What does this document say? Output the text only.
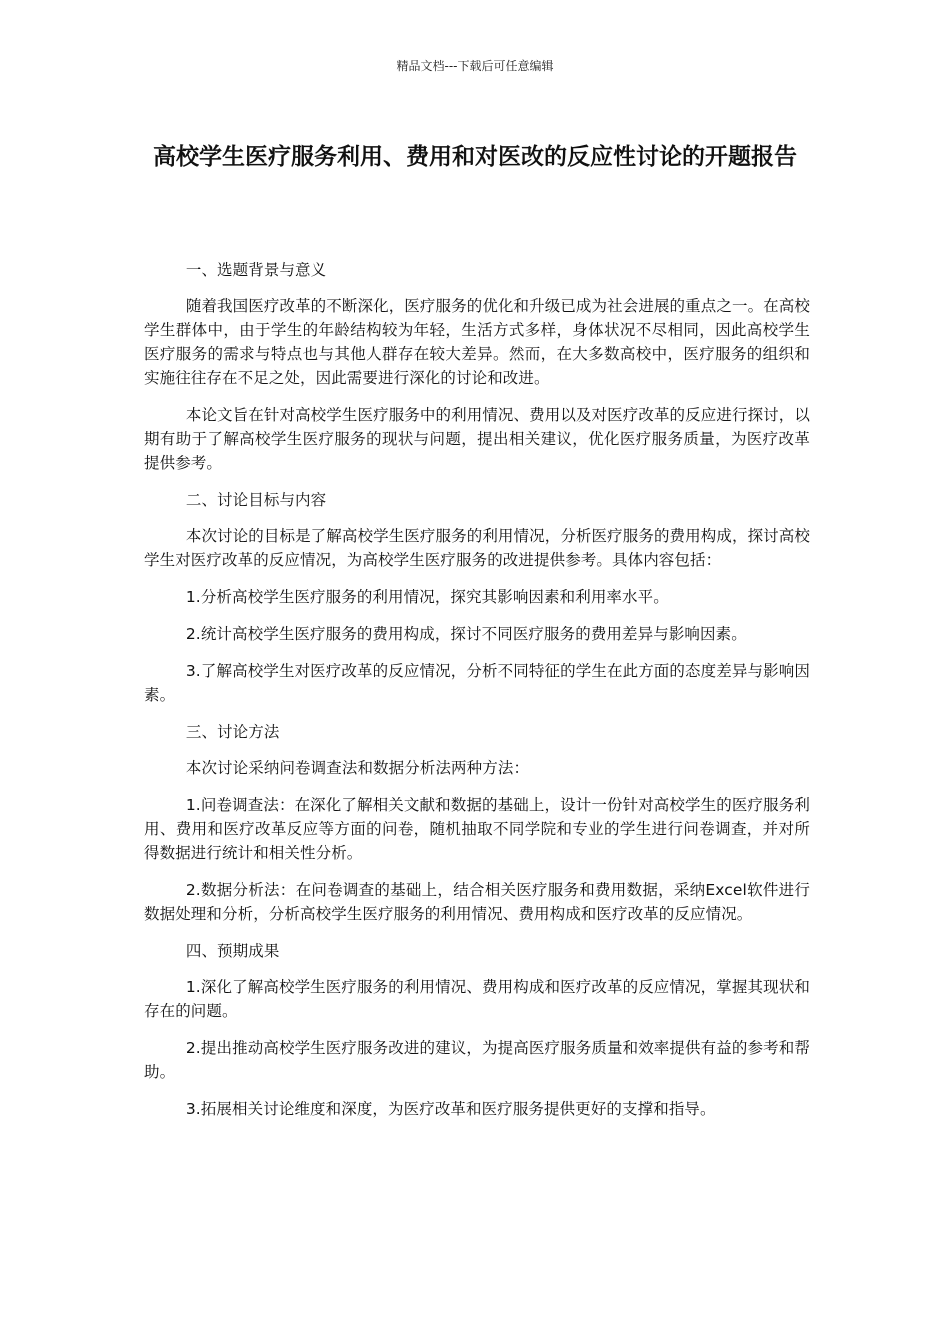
精品文档---下载后可任意编辑
高校学生医疗服务利用、费用和对医改的反应性讨论的开题报告

一、选题背景与意义

随着我国医疗改革的不断深化，医疗服务的优化和升级已成为社会进展的重点之一。在高校学生群体中，由于学生的年龄结构较为年轻，生活方式多样，身体状况不尽相同，因此高校学生医疗服务的需求与特点也与其他人群存在较大差异。然而，在大多数高校中，医疗服务的组织和实施往往存在不足之处，因此需要进行深化的讨论和改进。

本论文旨在针对高校学生医疗服务中的利用情况、费用以及对医疗改革的反应进行探讨，以期有助于了解高校学生医疗服务的现状与问题，提出相关建议，优化医疗服务质量，为医疗改革提供参考。

二、讨论目标与内容

本次讨论的目标是了解高校学生医疗服务的利用情况，分析医疗服务的费用构成，探讨高校学生对医疗改革的反应情况，为高校学生医疗服务的改进提供参考。具体内容包括：

1.分析高校学生医疗服务的利用情况，探究其影响因素和利用率水平。

2.统计高校学生医疗服务的费用构成，探讨不同医疗服务的费用差异与影响因素。

3.了解高校学生对医疗改革的反应情况，分析不同特征的学生在此方面的态度差异与影响因素。

三、讨论方法

本次讨论采纳问卷调查法和数据分析法两种方法：

1.问卷调查法：在深化了解相关文献和数据的基础上，设计一份针对高校学生的医疗服务利用、费用和医疗改革反应等方面的问卷，随机抽取不同学院和专业的学生进行问卷调查，并对所得数据进行统计和相关性分析。

2.数据分析法：在问卷调查的基础上，结合相关医疗服务和费用数据，采纳Excel软件进行数据处理和分析，分析高校学生医疗服务的利用情况、费用构成和医疗改革的反应情况。

四、预期成果

1.深化了解高校学生医疗服务的利用情况、费用构成和医疗改革的反应情况，掌握其现状和存在的问题。

2.提出推动高校学生医疗服务改进的建议，为提高医疗服务质量和效率提供有益的参考和帮助。

3.拓展相关讨论维度和深度，为医疗改革和医疗服务提供更好的支撑和指导。
